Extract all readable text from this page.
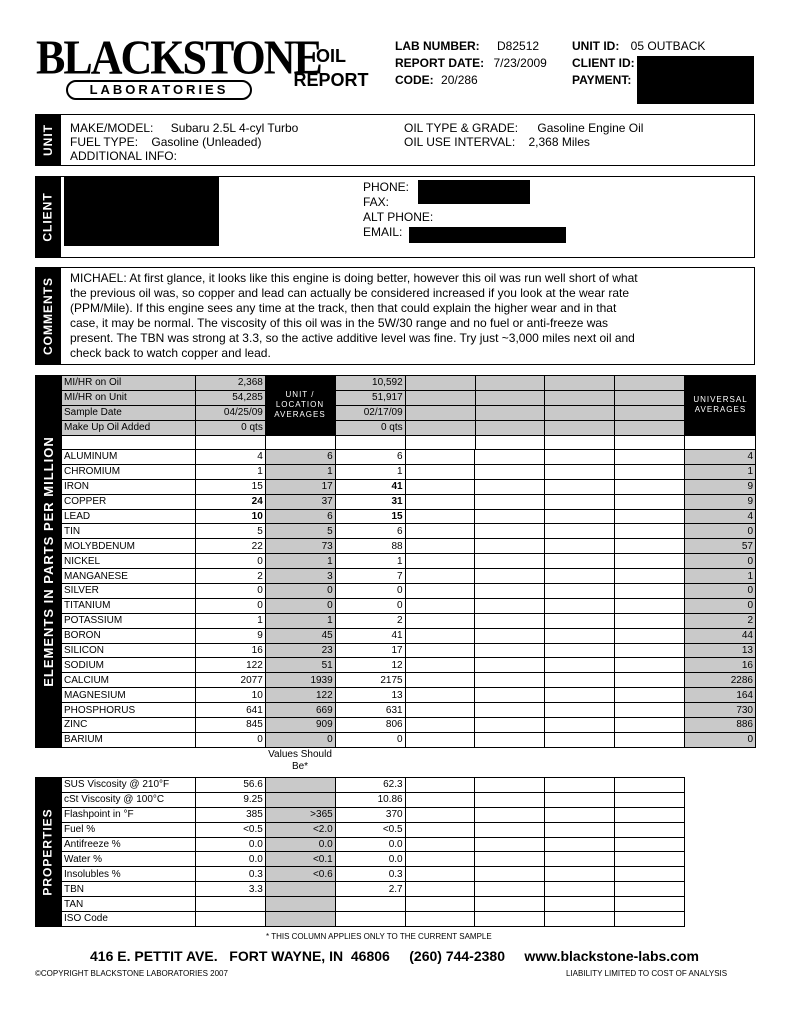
BLACKSTONE
LABORATORIES
OIL
REPORT
LAB NUMBER: D82512
REPORT DATE: 7/23/2009
CODE: 20/286
UNIT ID: 05 OUTBACK
CLIENT ID:
PAYMENT:
UNIT MAKE/MODEL: Subaru 2.5L 4-cyl Turbo
FUEL TYPE: Gasoline (Unleaded)
ADDITIONAL INFO:
OIL TYPE & GRADE: Gasoline Engine Oil
OIL USE INTERVAL: 2,368 Miles
CLIENT
PHONE:
FAX:
ALT PHONE:
EMAIL:
COMMENTS MICHAEL: At first glance, it looks like this engine is doing better, however this oil was run well short of what
the previous oil was, so copper and lead can actually be considered increased if you look at the wear rate
(PPM/Mile). If this engine sees any time at the track, then that could explain the higher wear and in that
case, it may be normal. The viscosity of this oil was in the 5W/30 range and no fuel or anti-freeze was
present. The TBN was strong at 3.3, so the active additive level was fine. Try just ~3,000 miles next oil and
check back to watch copper and lead.
ELEMENTS IN PARTS PER MILLION
MI/HR on Oil	2,368		10,592					
MI/HR on Unit	54,285		51,917					
Sample Date	04/25/09		02/17/09					
Make Up Oil Added	0 qts		0 qts					

UNIT / LOCATION AVERAGES
UNIVERSAL AVERAGES
ALUMINUM	4	6	6					4
CHROMIUM	1	1	1					1
IRON	15	17	41					9
COPPER	24	37	31					9
LEAD	10	6	15					4
TIN	5	5	6					0
MOLYBDENUM	22	73	88					57
NICKEL	0	1	1					0
MANGANESE	2	3	7					1
SILVER	0	0	0					0
TITANIUM	0	0	0					0
POTASSIUM	1	1	2					2
BORON	9	45	41					44
SILICON	16	23	17					13
SODIUM	122	51	12					16
CALCIUM	2077	1939	2175					2286
MAGNESIUM	10	122	13					164
PHOSPHORUS	641	669	631					730
ZINC	845	909	806					886
BARIUM	0	0	0					0
Values Should Be*
PROPERTIES
SUS Viscosity @ 210°F	56.6		62.3				
cSt Viscosity @ 100°C	9.25		10.86				
Flashpoint in °F	385	>365	370				
Fuel %	<0.5	<2.0	<0.5				
Antifreeze %	0.0	0.0	0.0				
Water %	0.0	<0.1	0.0				
Insolubles %	0.3	<0.6	0.3				
TBN	3.3		2.7				
TAN							
ISO Code							
* THIS COLUMN APPLIES ONLY TO THE CURRENT SAMPLE
416 E. PETTIT AVE.   FORT WAYNE, IN  46806     (260) 744-2380     www.blackstone-labs.com
©COPYRIGHT BLACKSTONE LABORATORIES 2007	LIABILITY LIMITED TO COST OF ANALYSIS
